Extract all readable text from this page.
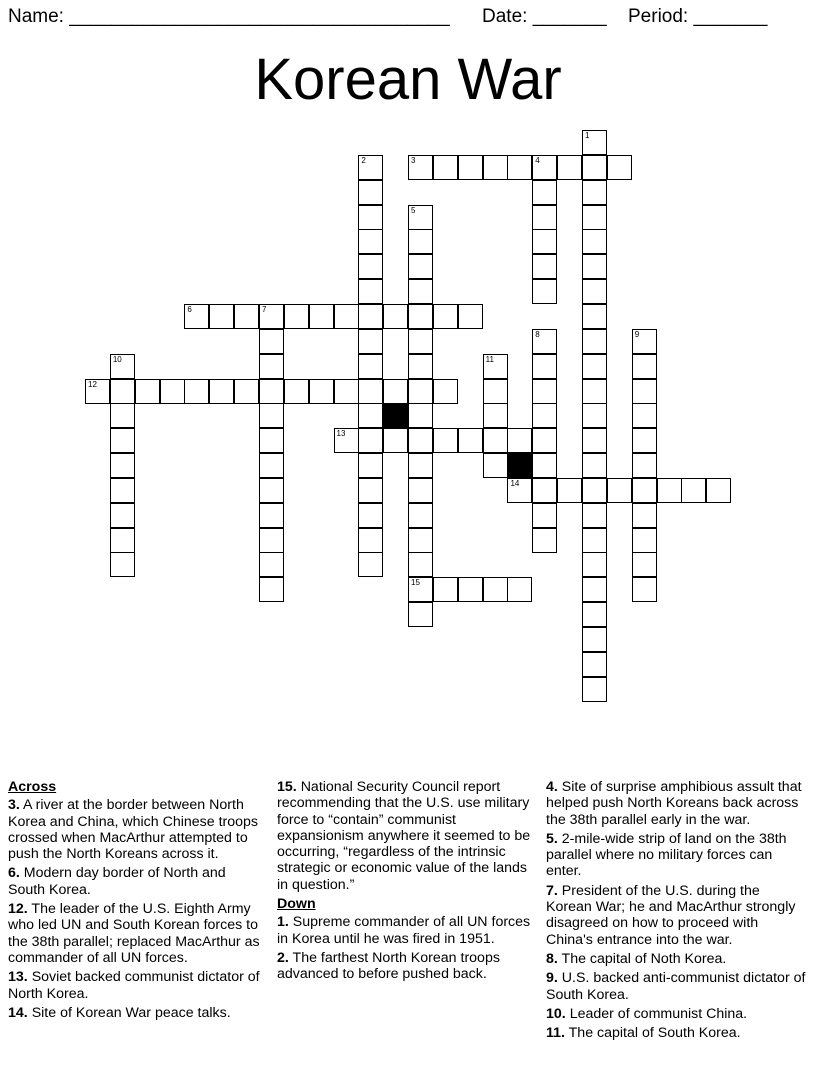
Name: ____________________________________ Date: _______ Period: _______
Korean War
1
2	3	4
5
15
6	7
8	9
10	11
12
13
14
Across
3. A river at the border between North Korea and China, which Chinese troops crossed when MacArthur attempted to push the North Koreans across it.
6. Modern day border of North and South Korea.
12. The leader of the U.S. Eighth Army who led UN and South Korean forces to the 38th parallel; replaced MacArthur as commander of all UN forces.
13. Soviet backed communist dictator of North Korea.
14. Site of Korean War peace talks.
15. National Security Council report recommending that the U.S. use military force to “contain” communist expansionism anywhere it seemed to be occurring, “regardless of the intrinsic strategic or economic value of the lands in question.”
Down
1. Supreme commander of all UN forces in Korea until he was fired in 1951.
2. The farthest North Korean troops advanced to before pushed back.
4. Site of surprise amphibious assult that helped push North Koreans back across the 38th parallel early in the war.
5. 2-mile-wide strip of land on the 38th parallel where no military forces can enter.
7. President of the U.S. during the Korean War; he and MacArthur strongly disagreed on how to proceed with China's entrance into the war.
8. The capital of Noth Korea.
9. U.S. backed anti-communist dictator of South Korea.
10. Leader of communist China.
11. The capital of South Korea.
